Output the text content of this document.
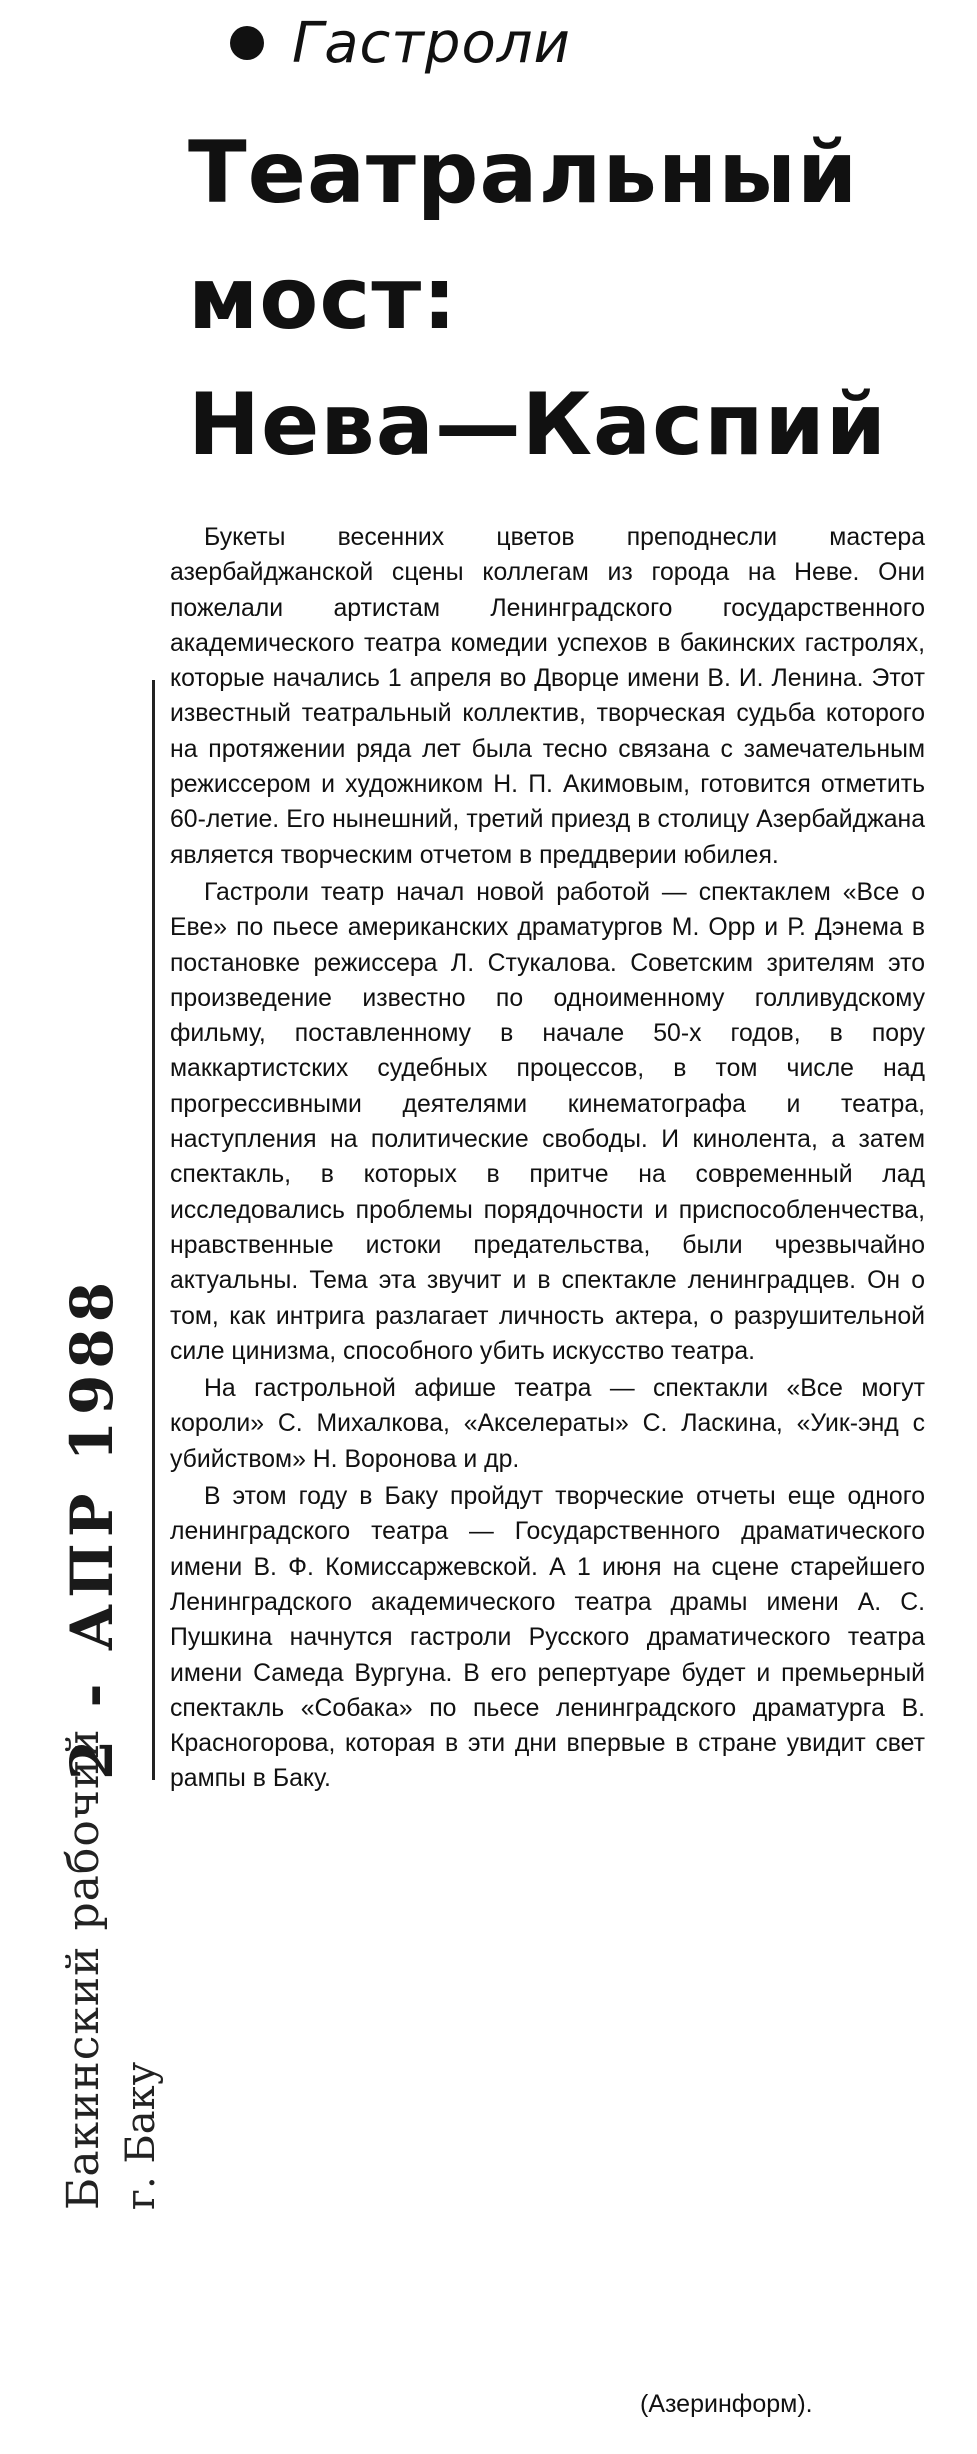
Гастроли
Театральный
мост:
Нева—Каспий
Бакинский рабочий г. Баку
2 - АПР 1988

Букеты весенних цветов преподнесли мастера азербайджанской сцены коллегам из города на Неве. Они пожелали артистам Ленинградского государственного академического театра комедии успехов в бакинских гастролях, которые начались 1 апреля во Дворце имени В. И. Ленина. Этот известный театральный коллектив, творческая судьба которого на протяжении ряда лет была тесно связана с замечательным режиссером и художником Н. П. Акимовым, готовится отметить 60-летие. Его нынешний, третий приезд в столицу Азербайджана является творческим отчетом в преддверии юбилея.

Гастроли театр начал новой работой — спектаклем «Все о Еве» по пьесе американских драматургов М. Орр и Р. Дэнема в постановке режиссера Л. Стукалова. Советским зрителям это произведение известно по одноименному голливудскому фильму, поставленному в начале 50-х годов, в пору маккартистских судебных процессов, в том числе над прогрессивными деятелями кинематографа и театра, наступления на политические свободы. И кинолента, а затем спектакль, в которых в притче на современный лад исследовались проблемы порядочности и приспособленчества, нравственные истоки предательства, были чрезвычайно актуальны. Тема эта звучит и в спектакле ленинградцев. Он о том, как интрига разлагает личность актера, о разрушительной силе цинизма, способного убить искусство театра.

На гастрольной афише театра — спектакли «Все могут короли» С. Михалкова, «Акселераты» С. Ласкина, «Уик-энд с убийством» Н. Воронова и др.

В этом году в Баку пройдут творческие отчеты еще одного ленинградского театра — Государственного драматического имени В. Ф. Комиссаржевской. А 1 июня на сцене старейшего Ленинградского академического театра драмы имени А. С. Пушкина начнутся гастроли Русского драматического театра имени Самеда Вургуна. В его репертуаре будет и премьерный спектакль «Собака» по пьесе ленинградского драматурга В. Красногорова, которая в эти дни впервые в стране увидит свет рампы в Баку.

(Азеринформ).
